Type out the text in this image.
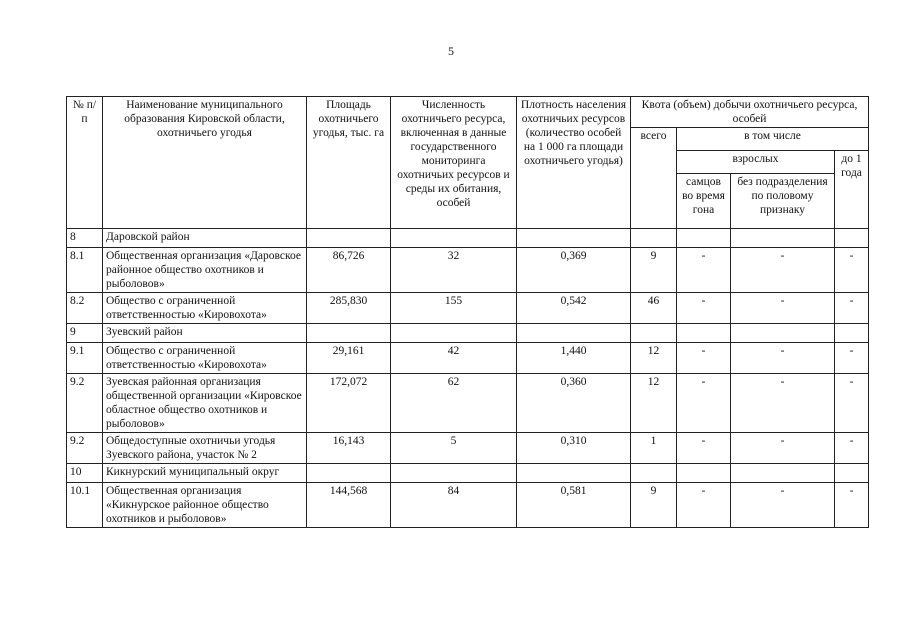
5
№ п/п	Наименование муниципального образования Кировской области, охотничьего угодья	Площадь охотничьего угодья, тыс. га	Численность охотничьего ресурса, включенная в данные государственного мониторинга охотничьих ресурсов и среды их обитания, особей	Плотность населения охотничьих ресурсов (количество особей на 1 000 га площади охотничьего угодья)	Квота (объем) добычи охотничьего ресурса, особей			
					всего	в том числе		
						взрослых		до 1 года
						самцов во время гона	без подразделения по половому признаку	
8	Даровской район							
8.1	Общественная организация «Даровское районное общество охотников и рыболовов»	86,726	32	0,369	9	-	-	-
8.2	Общество с ограниченной ответственностью «Кировохота»	285,830	155	0,542	46	-	-	-
9	Зуевский район							
9.1	Общество с ограниченной ответственностью «Кировохота»	29,161	42	1,440	12	-	-	-
9.2	Зуевская районная организация общественной организации «Кировское областное общество охотников и рыболовов»	172,072	62	0,360	12	-	-	-
9.2	Общедоступные охотничьи угодья Зуевского района, участок № 2	16,143	5	0,310	1	-	-	-
10	Кикнурский муниципальный округ							
10.1	Общественная организация «Кикнурское районное общество охотников и рыболовов»	144,568	84	0,581	9	-	-	-
